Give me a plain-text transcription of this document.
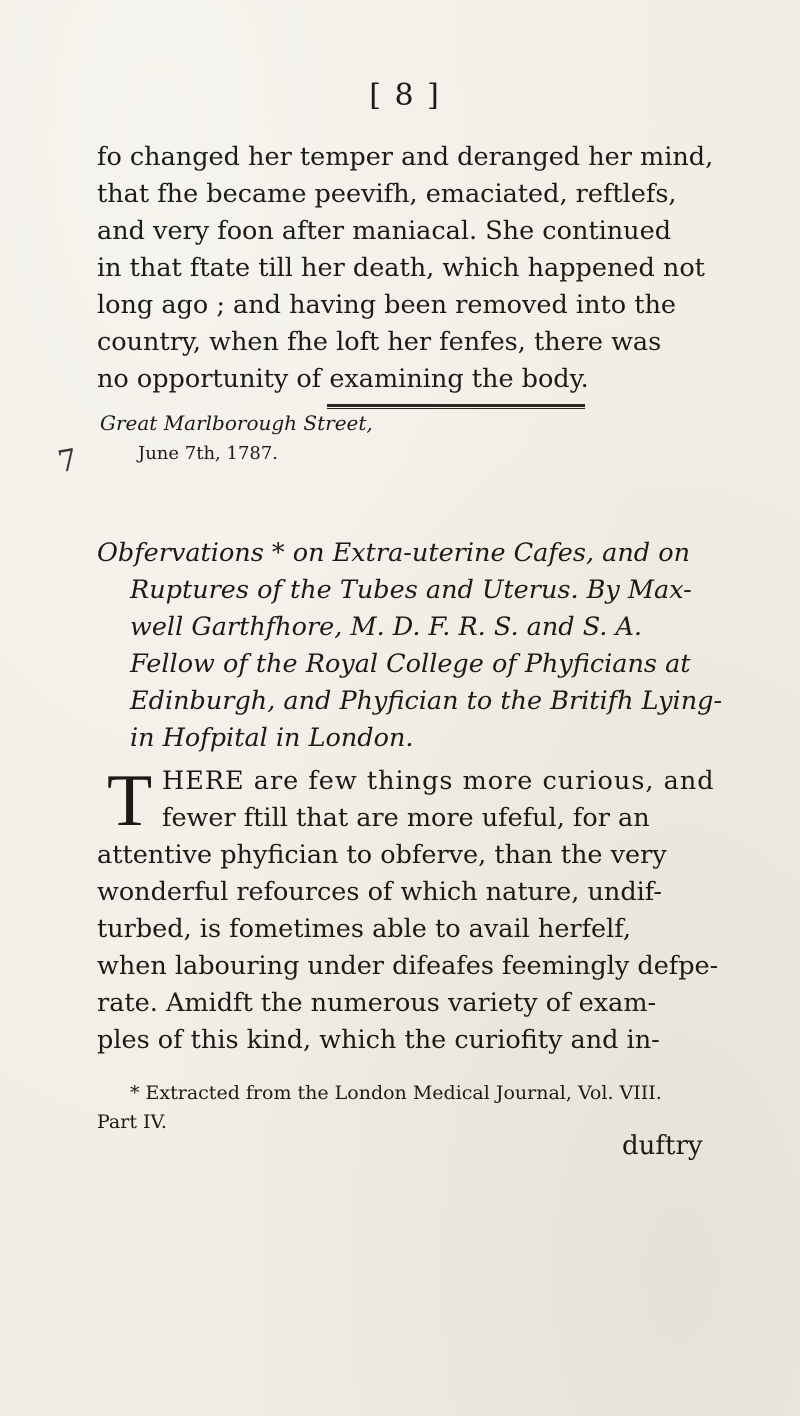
[ 8 ]
fo changed her temper and deranged her mind,
that fhe became peevifh, emaciated, reftlefs,
and very foon after maniacal. She continued
in that ftate till her death, which happened not
long ago ; and having been removed into the
country, when fhe loft her fenfes, there was
no opportunity of examining the body.
Great Marlborough Street,
June 7th, 1787.
7
Obfervations * on Extra-uterine Cafes, and on
Ruptures of the Tubes and Uterus. By Max-
well Garthfhore, M. D. F. R. S. and S. A.
Fellow of the Royal College of Phyficians at
Edinburgh, and Phyfician to the Britifh Lying-
in Hofpital in London.
T HERE are few things more curious, and
fewer ftill that are more ufeful, for an
attentive phyfician to obferve, than the very
wonderful refources of which nature, undif-
turbed, is fometimes able to avail herfelf,
when labouring under difeafes feemingly defpe-
rate. Amidft the numerous variety of exam-
ples of this kind, which the curiofity and in-
* Extracted from the London Medical Journal, Vol. VIII.
Part IV.
duftry
